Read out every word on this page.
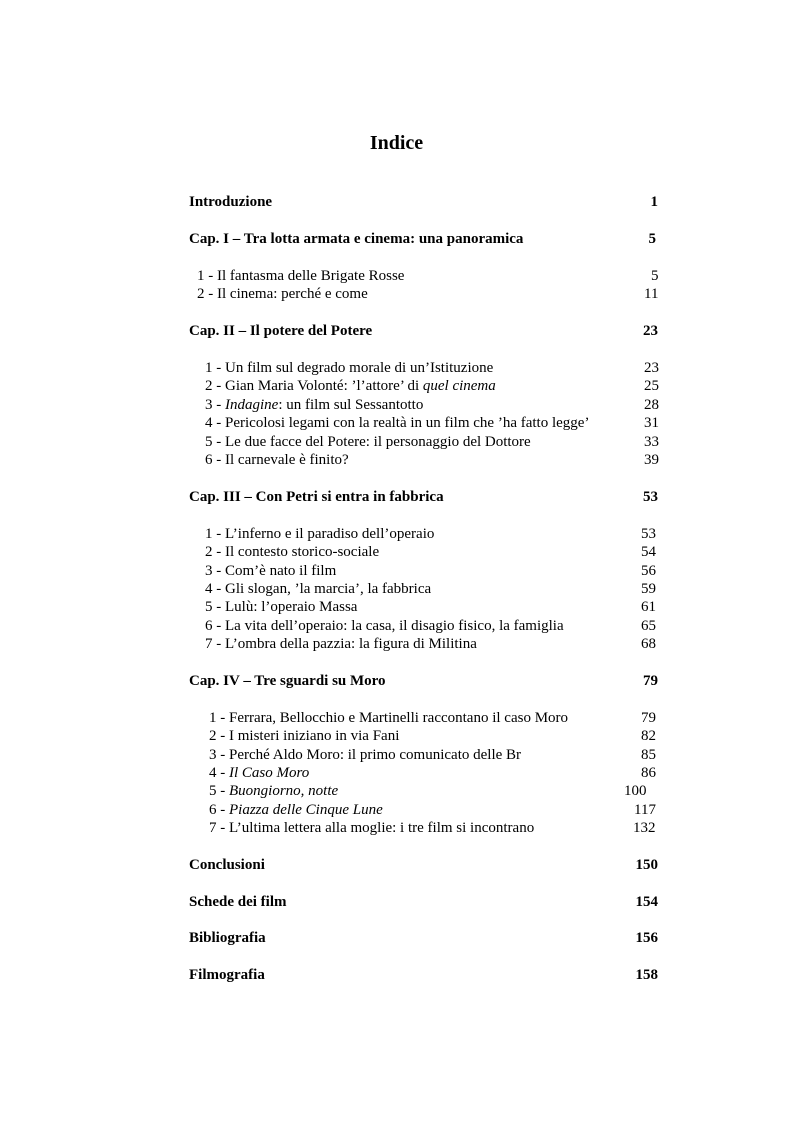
Indice
Introduzione	1
Cap. I – Tra lotta armata e cinema: una panoramica	5
1 - Il fantasma delle Brigate Rosse	5
2 - Il cinema: perché e come	11
Cap. II – Il potere del Potere	23
1 - Un film sul degrado morale di un’Istituzione	23
2 - Gian Maria Volonté: ’l’attore’ di quel cinema	25
3 - Indagine: un film sul Sessantotto	28
4 - Pericolosi legami con la realtà in un film che ’ha fatto legge’	31
5 - Le due facce del Potere: il personaggio del Dottore	33
6 - Il carnevale è finito?	39
Cap. III – Con Petri si entra in fabbrica	53
1 - L’inferno e il paradiso dell’operaio	53
2 - Il contesto storico-sociale	54
3 - Com’è nato il film	56
4 - Gli slogan, ’la marcia’, la fabbrica	59
5 - Lulù: l’operaio Massa	61
6 - La vita dell’operaio: la casa, il disagio fisico, la famiglia	65
7 - L’ombra della pazzia: la figura di Militina	68
Cap. IV – Tre sguardi su Moro	79
1 - Ferrara, Bellocchio e Martinelli raccontano il caso Moro	79
2 - I misteri iniziano in via Fani	82
3 - Perché Aldo Moro: il primo comunicato delle Br	85
4 - Il Caso Moro	86
5 - Buongiorno, notte	100
6 - Piazza delle Cinque Lune	117
7 - L’ultima lettera alla moglie: i tre film si incontrano	132
Conclusioni	150
Schede dei film	154
Bibliografia	156
Filmografia	158
